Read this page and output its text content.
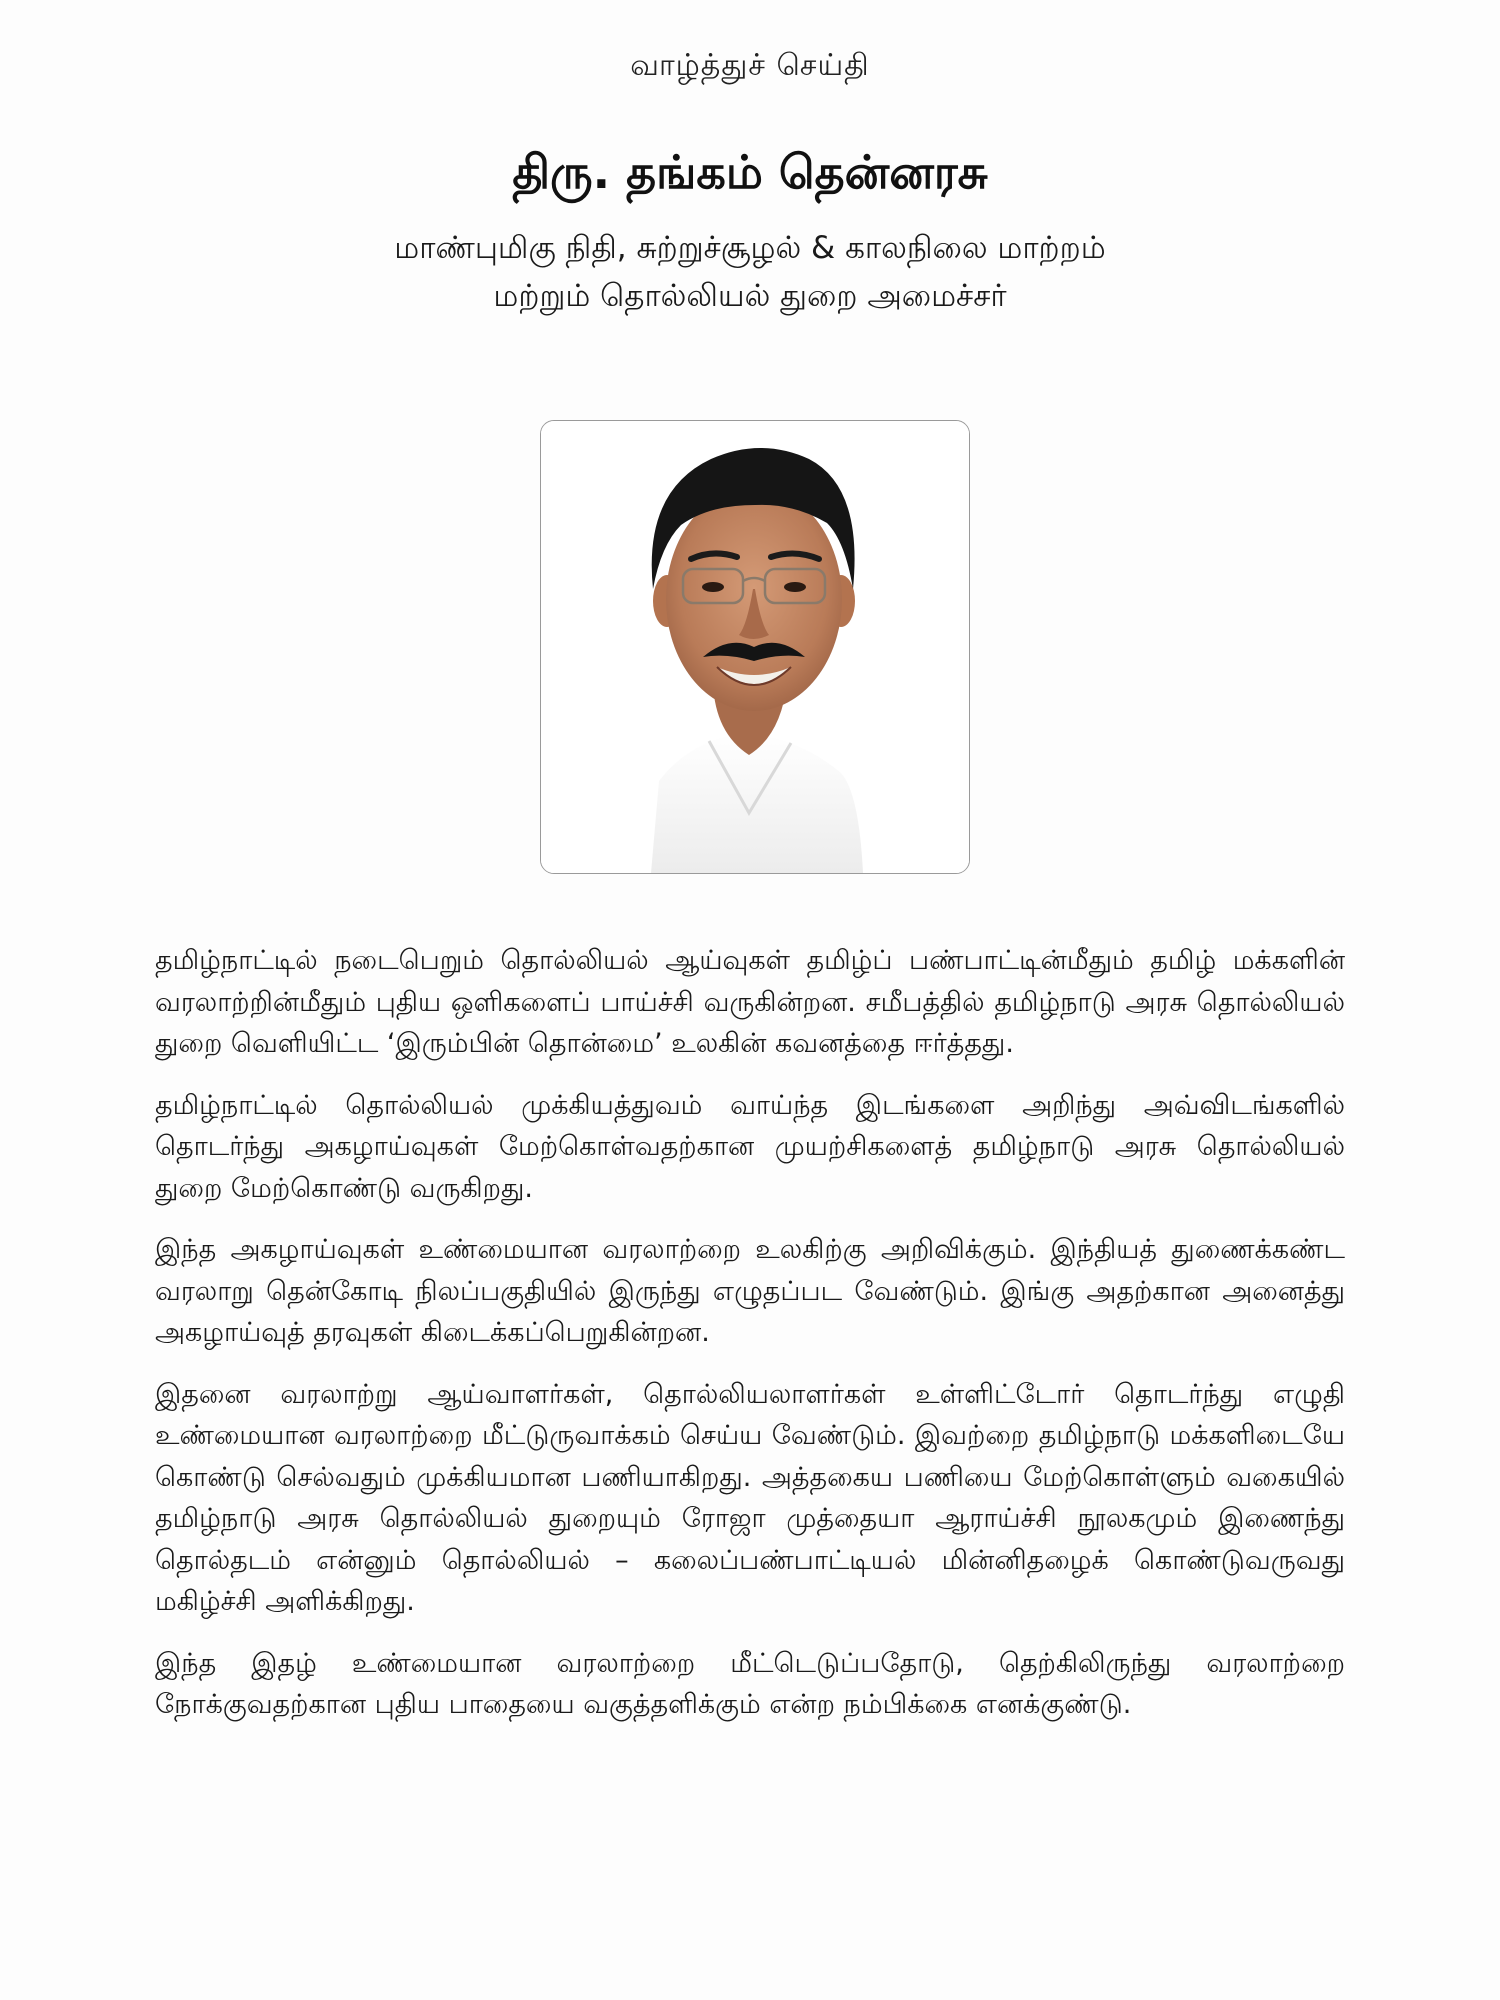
வாழ்த்துச் செய்தி
திரு. தங்கம் தென்னரசு
மாண்புமிகு நிதி, சுற்றுச்சூழல் & காலநிலை மாற்றம்
மற்றும் தொல்லியல் துறை அமைச்சர்

தமிழ்நாட்டில் நடைபெறும் தொல்லியல் ஆய்வுகள் தமிழ்ப் பண்பாட்டின்மீதும் தமிழ் மக்களின் வரலாற்றின்மீதும் புதிய ஒளிகளைப் பாய்ச்சி வருகின்றன. சமீபத்தில் தமிழ்நாடு அரசு தொல்லியல் துறை வெளியிட்ட ‘இரும்பின் தொன்மை’ உலகின் கவனத்தை ஈர்த்தது.

தமிழ்நாட்டில் தொல்லியல் முக்கியத்துவம் வாய்ந்த இடங்களை அறிந்து அவ்விடங்களில் தொடர்ந்து அகழாய்வுகள் மேற்கொள்வதற்கான முயற்சிகளைத் தமிழ்நாடு அரசு தொல்லியல் துறை மேற்கொண்டு வருகிறது.

இந்த அகழாய்வுகள் உண்மையான வரலாற்றை உலகிற்கு அறிவிக்கும். இந்தியத் துணைக்கண்ட வரலாறு தென்கோடி நிலப்பகுதியில் இருந்து எழுதப்பட வேண்டும். இங்கு அதற்கான அனைத்து அகழாய்வுத் தரவுகள் கிடைக்கப்பெறுகின்றன.

இதனை வரலாற்று ஆய்வாளர்கள், தொல்லியலாளர்கள் உள்ளிட்டோர் தொடர்ந்து எழுதி உண்மையான வரலாற்றை மீட்டுருவாக்கம் செய்ய வேண்டும். இவற்றை தமிழ்நாடு மக்களிடையே கொண்டு செல்வதும் முக்கியமான பணியாகிறது. அத்தகைய பணியை மேற்கொள்ளும் வகையில் தமிழ்நாடு அரசு தொல்லியல் துறையும் ரோஜா முத்தையா ஆராய்ச்சி நூலகமும் இணைந்து தொல்தடம் என்னும் தொல்லியல் – கலைப்பண்பாட்டியல் மின்னிதழைக் கொண்டுவருவது மகிழ்ச்சி அளிக்கிறது.

இந்த இதழ் உண்மையான வரலாற்றை மீட்டெடுப்பதோடு, தெற்கிலிருந்து வரலாற்றை நோக்குவதற்கான புதிய பாதையை வகுத்தளிக்கும் என்ற நம்பிக்கை எனக்குண்டு.
